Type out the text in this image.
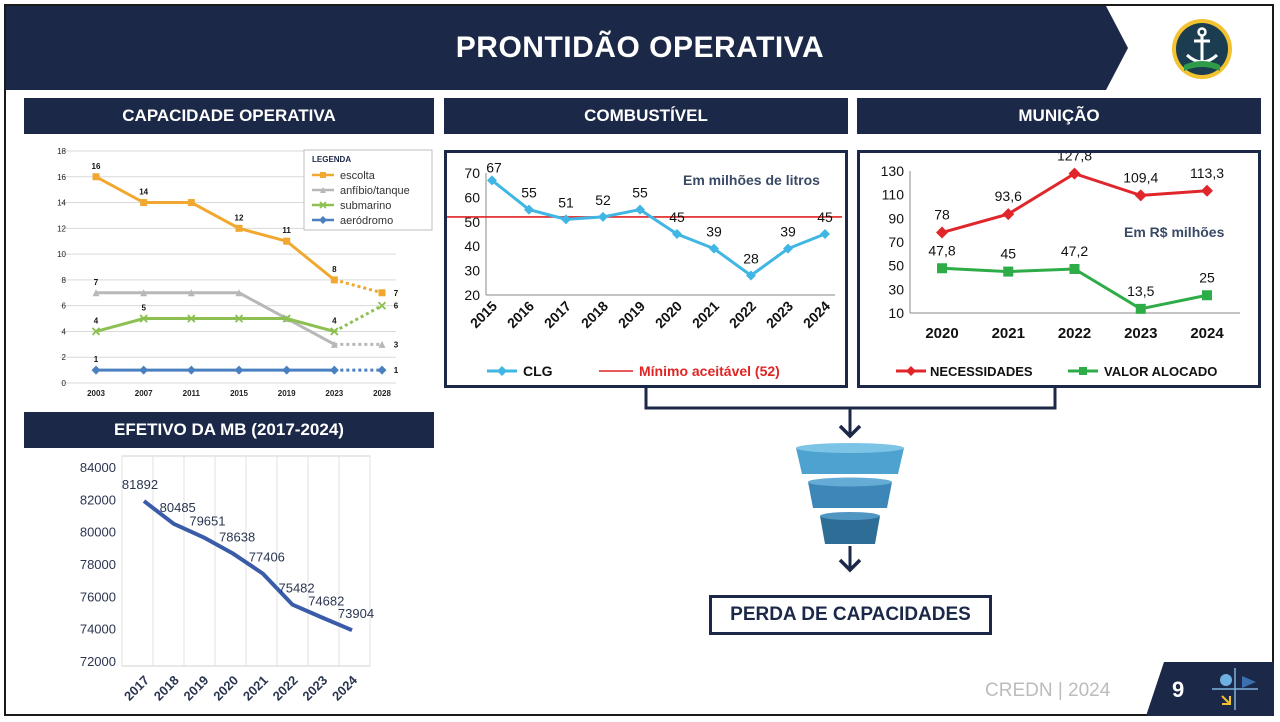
PRONTIDÃO OPERATIVA
CAPACIDADE OPERATIVA	COMBUSTÍVEL	MUNIÇÃO
EFETIVO DA MB (2017-2024)
0
2
4
6
8
10
12
14
16
18
2003	2007	2011	2015	2019	2023	2028
16
14
12
11
8
7
7
3
4
5
4
6
1
1
LEGENDA
escolta
anfíbio/tanque
submarino
aeródromo
20
30
40
50
60
70
2015 2016 2017 2018 2019 2020 2021 2022 2023 2024
67
55
51 52 55
45
39
28
39
45
Em milhões de litros
CLG	Mínimo aceitável (52)
10
30
50
70
90
110
130
2020 2021 2022 2023 2024
78
93,6
127,8
109,4 113,3
47,8	45	47,2
13,5
25
Em R$ milhões
NECESSIDADES	VALOR ALOCADO
72000
74000
76000
78000
80000
82000
84000
2017
2018
2019
2020
2021
2022
2023
2024
81892
80485
79651
78638
77406
75482
74682
73904	PERDA DE CAPACIDADES
CREDN | 2024	9
